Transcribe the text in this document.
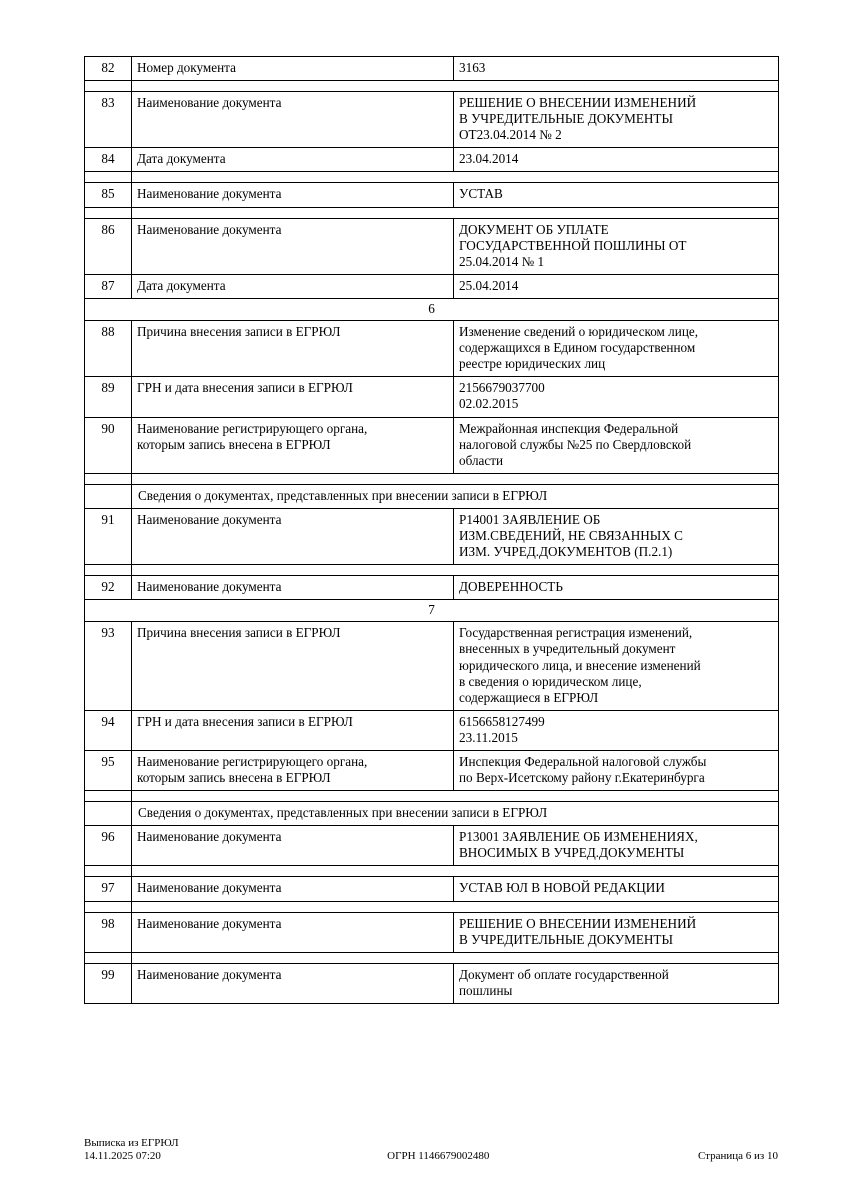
82	Номер документа	3163

83	Наименование документа	РЕШЕНИЕ О ВНЕСЕНИИ ИЗМЕНЕНИЙ
В УЧРЕДИТЕЛЬНЫЕ ДОКУМЕНТЫ
ОТ23.04.2014 № 2

84	Дата документа	23.04.2014

85	Наименование документа	УСТАВ

86	Наименование документа	ДОКУМЕНТ ОБ УПЛАТЕ
ГОСУДАРСТВЕННОЙ ПОШЛИНЫ ОТ
25.04.2014 № 1

87	Дата документа	25.04.2014

6		
88	Причина внесения записи в ЕГРЮЛ	Изменение сведений о юридическом лице,
содержащихся в Едином государственном
реестре юридических лиц

89	ГРН и дата внесения записи в ЕГРЮЛ	2156679037700
02.02.2015

90	Наименование регистрирующего органа,
которым запись внесена в ЕГРЮЛ	Межрайонная инспекция Федеральной
налоговой службы №25 по Свердловской
области

	Сведения о документах, представленных при внесении записи в ЕГРЮЛ	
91	Наименование документа	Р14001 ЗАЯВЛЕНИЕ ОБ
ИЗМ.СВЕДЕНИЙ, НЕ СВЯЗАННЫХ С
ИЗМ. УЧРЕД.ДОКУМЕНТОВ (П.2.1)

92	Наименование документа	ДОВЕРЕННОСТЬ

7		
93	Причина внесения записи в ЕГРЮЛ	Государственная регистрация изменений,
внесенных в учредительный документ
юридического лица, и внесение изменений
в сведения о юридическом лице,
содержащиеся в ЕГРЮЛ

94	ГРН и дата внесения записи в ЕГРЮЛ	6156658127499
23.11.2015

95	Наименование регистрирующего органа,
которым запись внесена в ЕГРЮЛ	Инспекция Федеральной налоговой службы
по Верх-Исетскому району г.Екатеринбурга

	Сведения о документах, представленных при внесении записи в ЕГРЮЛ	
96	Наименование документа	Р13001 ЗАЯВЛЕНИЕ ОБ ИЗМЕНЕНИЯХ,
ВНОСИМЫХ В УЧРЕД.ДОКУМЕНТЫ

97	Наименование документа	УСТАВ ЮЛ В НОВОЙ РЕДАКЦИИ

98	Наименование документа	РЕШЕНИЕ О ВНЕСЕНИИ ИЗМЕНЕНИЙ
В УЧРЕДИТЕЛЬНЫЕ ДОКУМЕНТЫ

99	Наименование документа	Документ об оплате государственной
пошлины
Выписка из ЕГРЮЛ
14.11.2025 07:20	ОГРН 1146679002480	Страница 6 из 10
